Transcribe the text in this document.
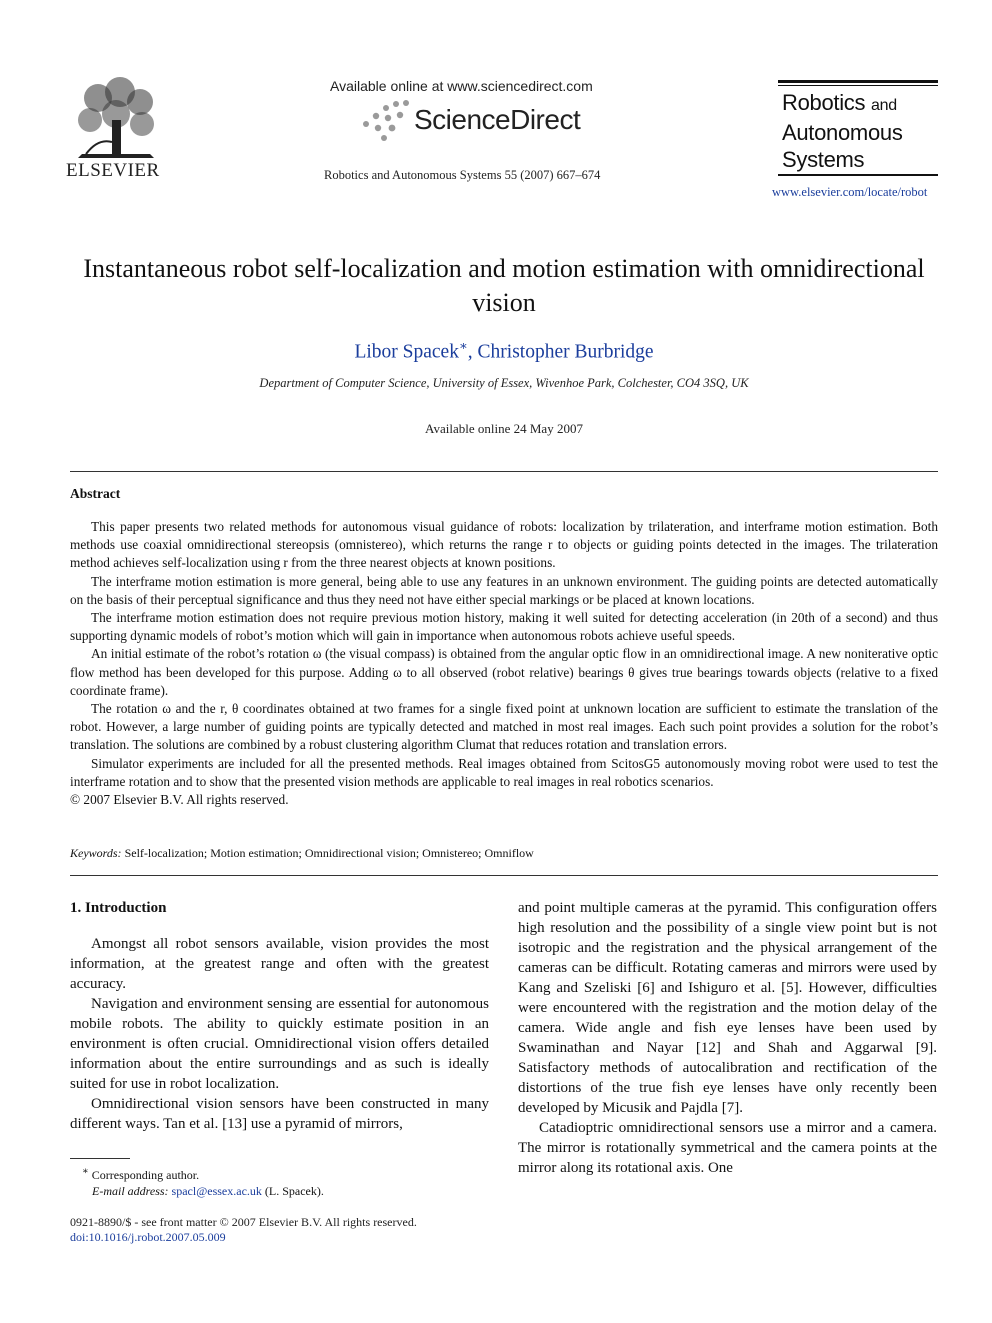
ELSEVIER
Available online at www.sciencedirect.com
ScienceDirect
Robotics and Autonomous Systems 55 (2007) 667–674
Robotics and
Autonomous
Systems
www.elsevier.com/locate/robot
Instantaneous robot self-localization and motion estimation with omnidirectional vision
Libor Spacek∗, Christopher Burbridge
Department of Computer Science, University of Essex, Wivenhoe Park, Colchester, CO4 3SQ, UK
Available online 24 May 2007
Abstract

This paper presents two related methods for autonomous visual guidance of robots: localization by trilateration, and interframe motion estimation. Both methods use coaxial omnidirectional stereopsis (omnistereo), which returns the range r to objects or guiding points detected in the images. The trilateration method achieves self-localization using r from the three nearest objects at known positions.

The interframe motion estimation is more general, being able to use any features in an unknown environment. The guiding points are detected automatically on the basis of their perceptual significance and thus they need not have either special markings or be placed at known locations.

The interframe motion estimation does not require previous motion history, making it well suited for detecting acceleration (in 20th of a second) and thus supporting dynamic models of robot’s motion which will gain in importance when autonomous robots achieve useful speeds.

An initial estimate of the robot’s rotation ω (the visual compass) is obtained from the angular optic flow in an omnidirectional image. A new noniterative optic flow method has been developed for this purpose. Adding ω to all observed (robot relative) bearings θ gives true bearings towards objects (relative to a fixed coordinate frame).

The rotation ω and the r, θ coordinates obtained at two frames for a single fixed point at unknown location are sufficient to estimate the translation of the robot. However, a large number of guiding points are typically detected and matched in most real images. Each such point provides a solution for the robot’s translation. The solutions are combined by a robust clustering algorithm Clumat that reduces rotation and translation errors.

Simulator experiments are included for all the presented methods. Real images obtained from ScitosG5 autonomously moving robot were used to test the interframe rotation and to show that the presented vision methods are applicable to real images in real robotics scenarios.

© 2007 Elsevier B.V. All rights reserved.

Keywords: Self-localization; Motion estimation; Omnidirectional vision; Omnistereo; Omniflow
1. Introduction

Amongst all robot sensors available, vision provides the most information, at the greatest range and often with the greatest accuracy.

Navigation and environment sensing are essential for autonomous mobile robots. The ability to quickly estimate position in an environment is often crucial. Omnidirectional vision offers detailed information about the entire surroundings and as such is ideally suited for use in robot localization.

Omnidirectional vision sensors have been constructed in many different ways. Tan et al. [13] use a pyramid of mirrors,

and point multiple cameras at the pyramid. This configuration offers high resolution and the possibility of a single view point but is not isotropic and the registration and the physical arrangement of the cameras can be difficult. Rotating cameras and mirrors were used by Kang and Szeliski [6] and Ishiguro et al. [5]. However, difficulties were encountered with the registration and the motion delay of the camera. Wide angle and fish eye lenses have been used by Swaminathan and Nayar [12] and Shah and Aggarwal [9]. Satisfactory methods of autocalibration and rectification of the distortions of the true fish eye lenses have only recently been developed by Micusik and Pajdla [7].

Catadioptric omnidirectional sensors use a mirror and a camera. The mirror is rotationally symmetrical and the camera points at the mirror along its rotational axis. One

∗ Corresponding author.
E-mail address: spacl@essex.ac.uk (L. Spacek).
0921-8890/$ - see front matter © 2007 Elsevier B.V. All rights reserved.
doi:10.1016/j.robot.2007.05.009
